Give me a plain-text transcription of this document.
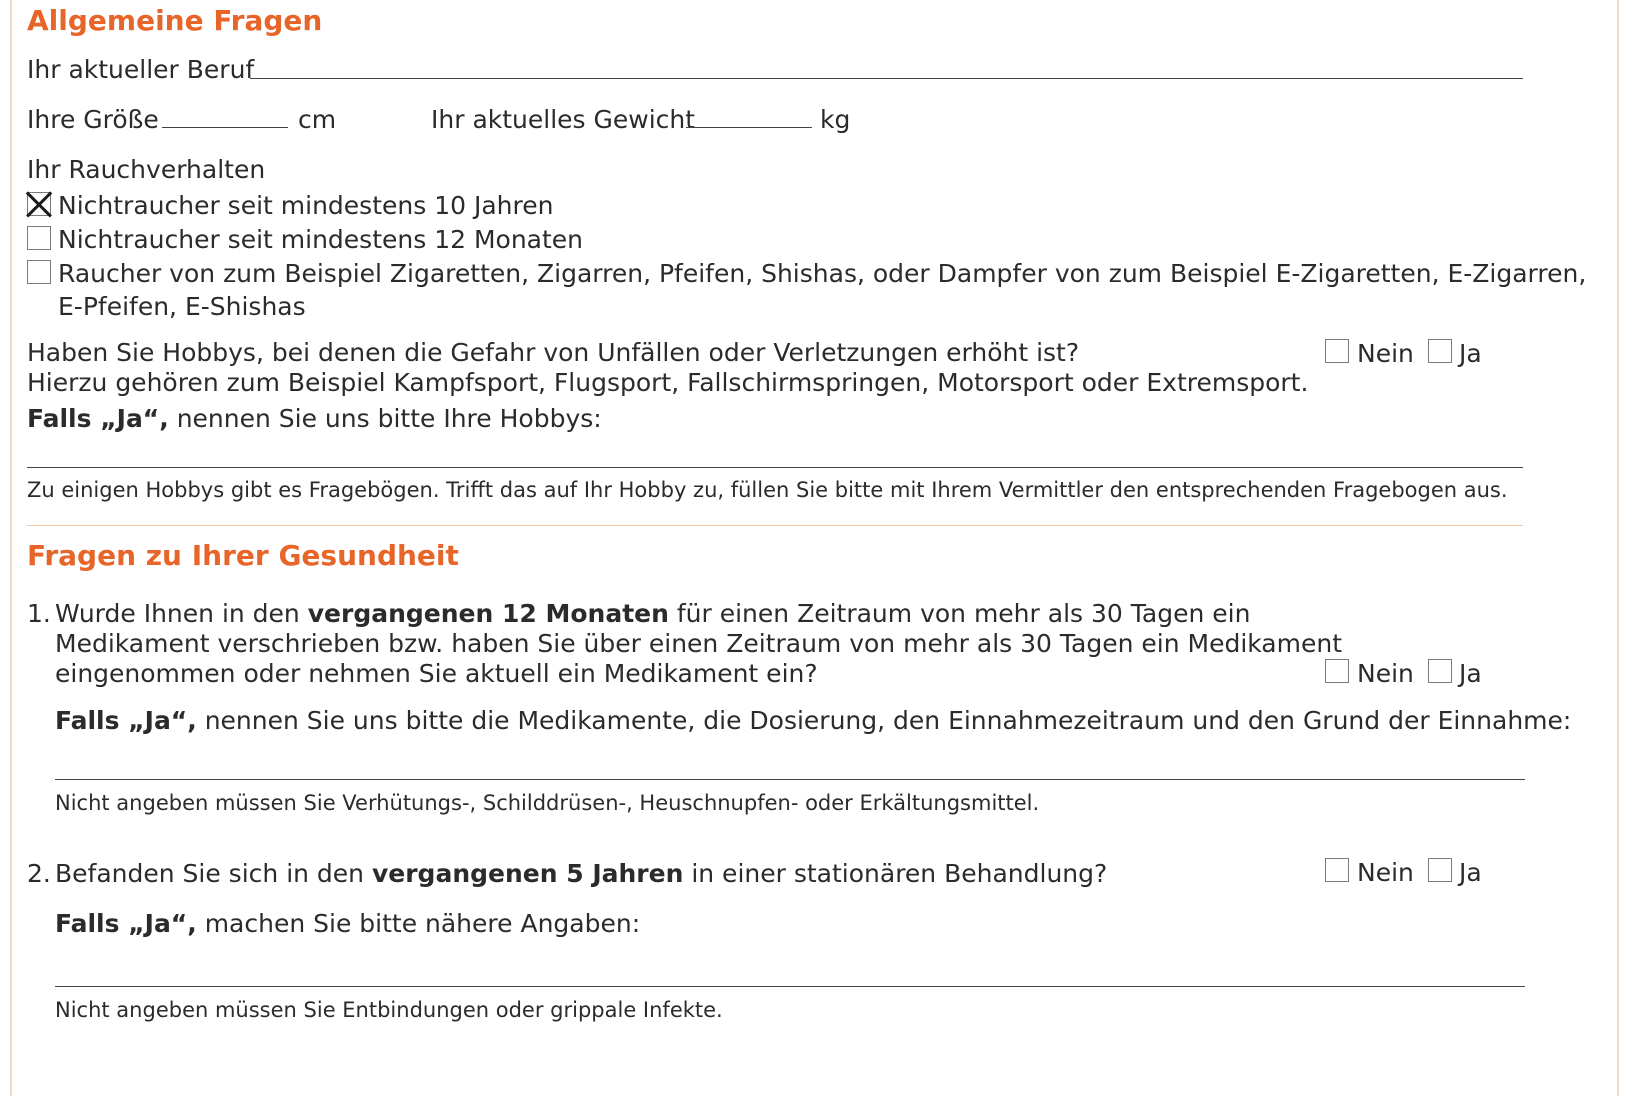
Allgemeine Fragen
Ihr aktueller Beruf
Ihre Größe	cm	Ihr aktuelles Gewicht	kg
Ihr Rauchverhalten
Nichtraucher seit mindestens 10 Jahren
Nichtraucher seit mindestens 12 Monaten
Raucher von zum Beispiel Zigaretten, Zigarren, Pfeifen, Shishas, oder Dampfer von zum Beispiel E-Zigaretten, E-Zigarren,
E-Pfeifen, E-Shishas
Haben Sie Hobbys, bei denen die Gefahr von Unfällen oder Verletzungen erhöht ist?
Hierzu gehören zum Beispiel Kampfsport, Flugsport, Fallschirmspringen, Motorsport oder Extremsport.
Nein Ja
Falls „Ja“, nennen Sie uns bitte Ihre Hobbys:
Zu einigen Hobbys gibt es Fragebögen. Trifft das auf Ihr Hobby zu, füllen Sie bitte mit Ihrem Vermittler den entsprechenden Fragebogen aus.
Fragen zu Ihrer Gesundheit
1. Wurde Ihnen in den vergangenen 12 Monaten für einen Zeitraum von mehr als 30 Tagen ein
Medikament verschrieben bzw. haben Sie über einen Zeitraum von mehr als 30 Tagen ein Medikament
eingenommen oder nehmen Sie aktuell ein Medikament ein?	Nein Ja
Falls „Ja“, nennen Sie uns bitte die Medikamente, die Dosierung, den Einnahmezeitraum und den Grund der Einnahme:
Nicht angeben müssen Sie Verhütungs-, Schilddrüsen-, Heuschnupfen- oder Erkältungsmittel.
2. Befanden Sie sich in den vergangenen 5 Jahren in einer stationären Behandlung?	Nein Ja
Falls „Ja“, machen Sie bitte nähere Angaben:
Nicht angeben müssen Sie Entbindungen oder grippale Infekte.
